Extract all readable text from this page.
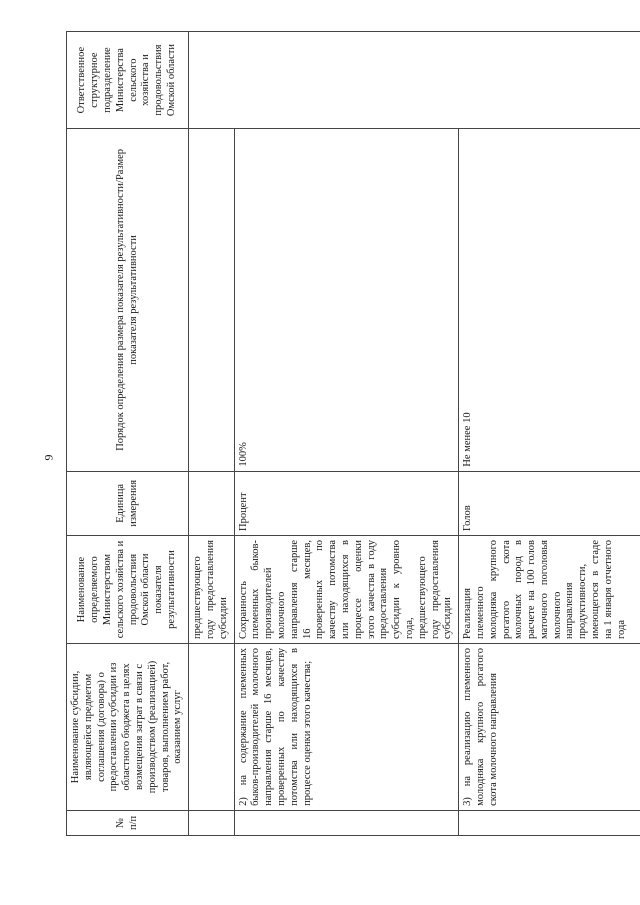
9
№ п/п	Наименование субсидии, являющейся предметом соглашения (договора) о предоставлении субсидии из областного бюджета в целях возмещения затрат в связи с производством (реализацией) товаров, выполнением работ, оказанием услуг	Наименование определяемого Министерством сельского хозяйства и продовольствия Омской области показателя результативности	Единица измерения	Порядок определения размера показателя результативности/Размер показателя результативности	Ответственное структурное подразделение Министерства сельского хозяйства и продовольствия Омской области
		предшествующего году предоставления субсидии			
	2) на содержание племенных быков-производителей молочного направления старше 16 месяцев, проверенных по качеству потомства или находящихся в процессе оценки этого качества;	Сохранность племенных быков-производителей молочного направления старше 16 месяцев, проверенных по качеству потомства или находящихся в процессе оценки этого качества в году предоставления субсидии к уровню года, предшествующего году предоставления субсидии	Процент	100%	
	3) на реализацию племенного молодняка крупного рогатого скота молочного направления	Реализация племенного молодняка крупного рогатого скота молочных пород в расчете на 100 голов маточного поголовья молочного направления продуктивности, имеющегося в стаде на 1 января отчетного года	Голов	Не менее 10	
